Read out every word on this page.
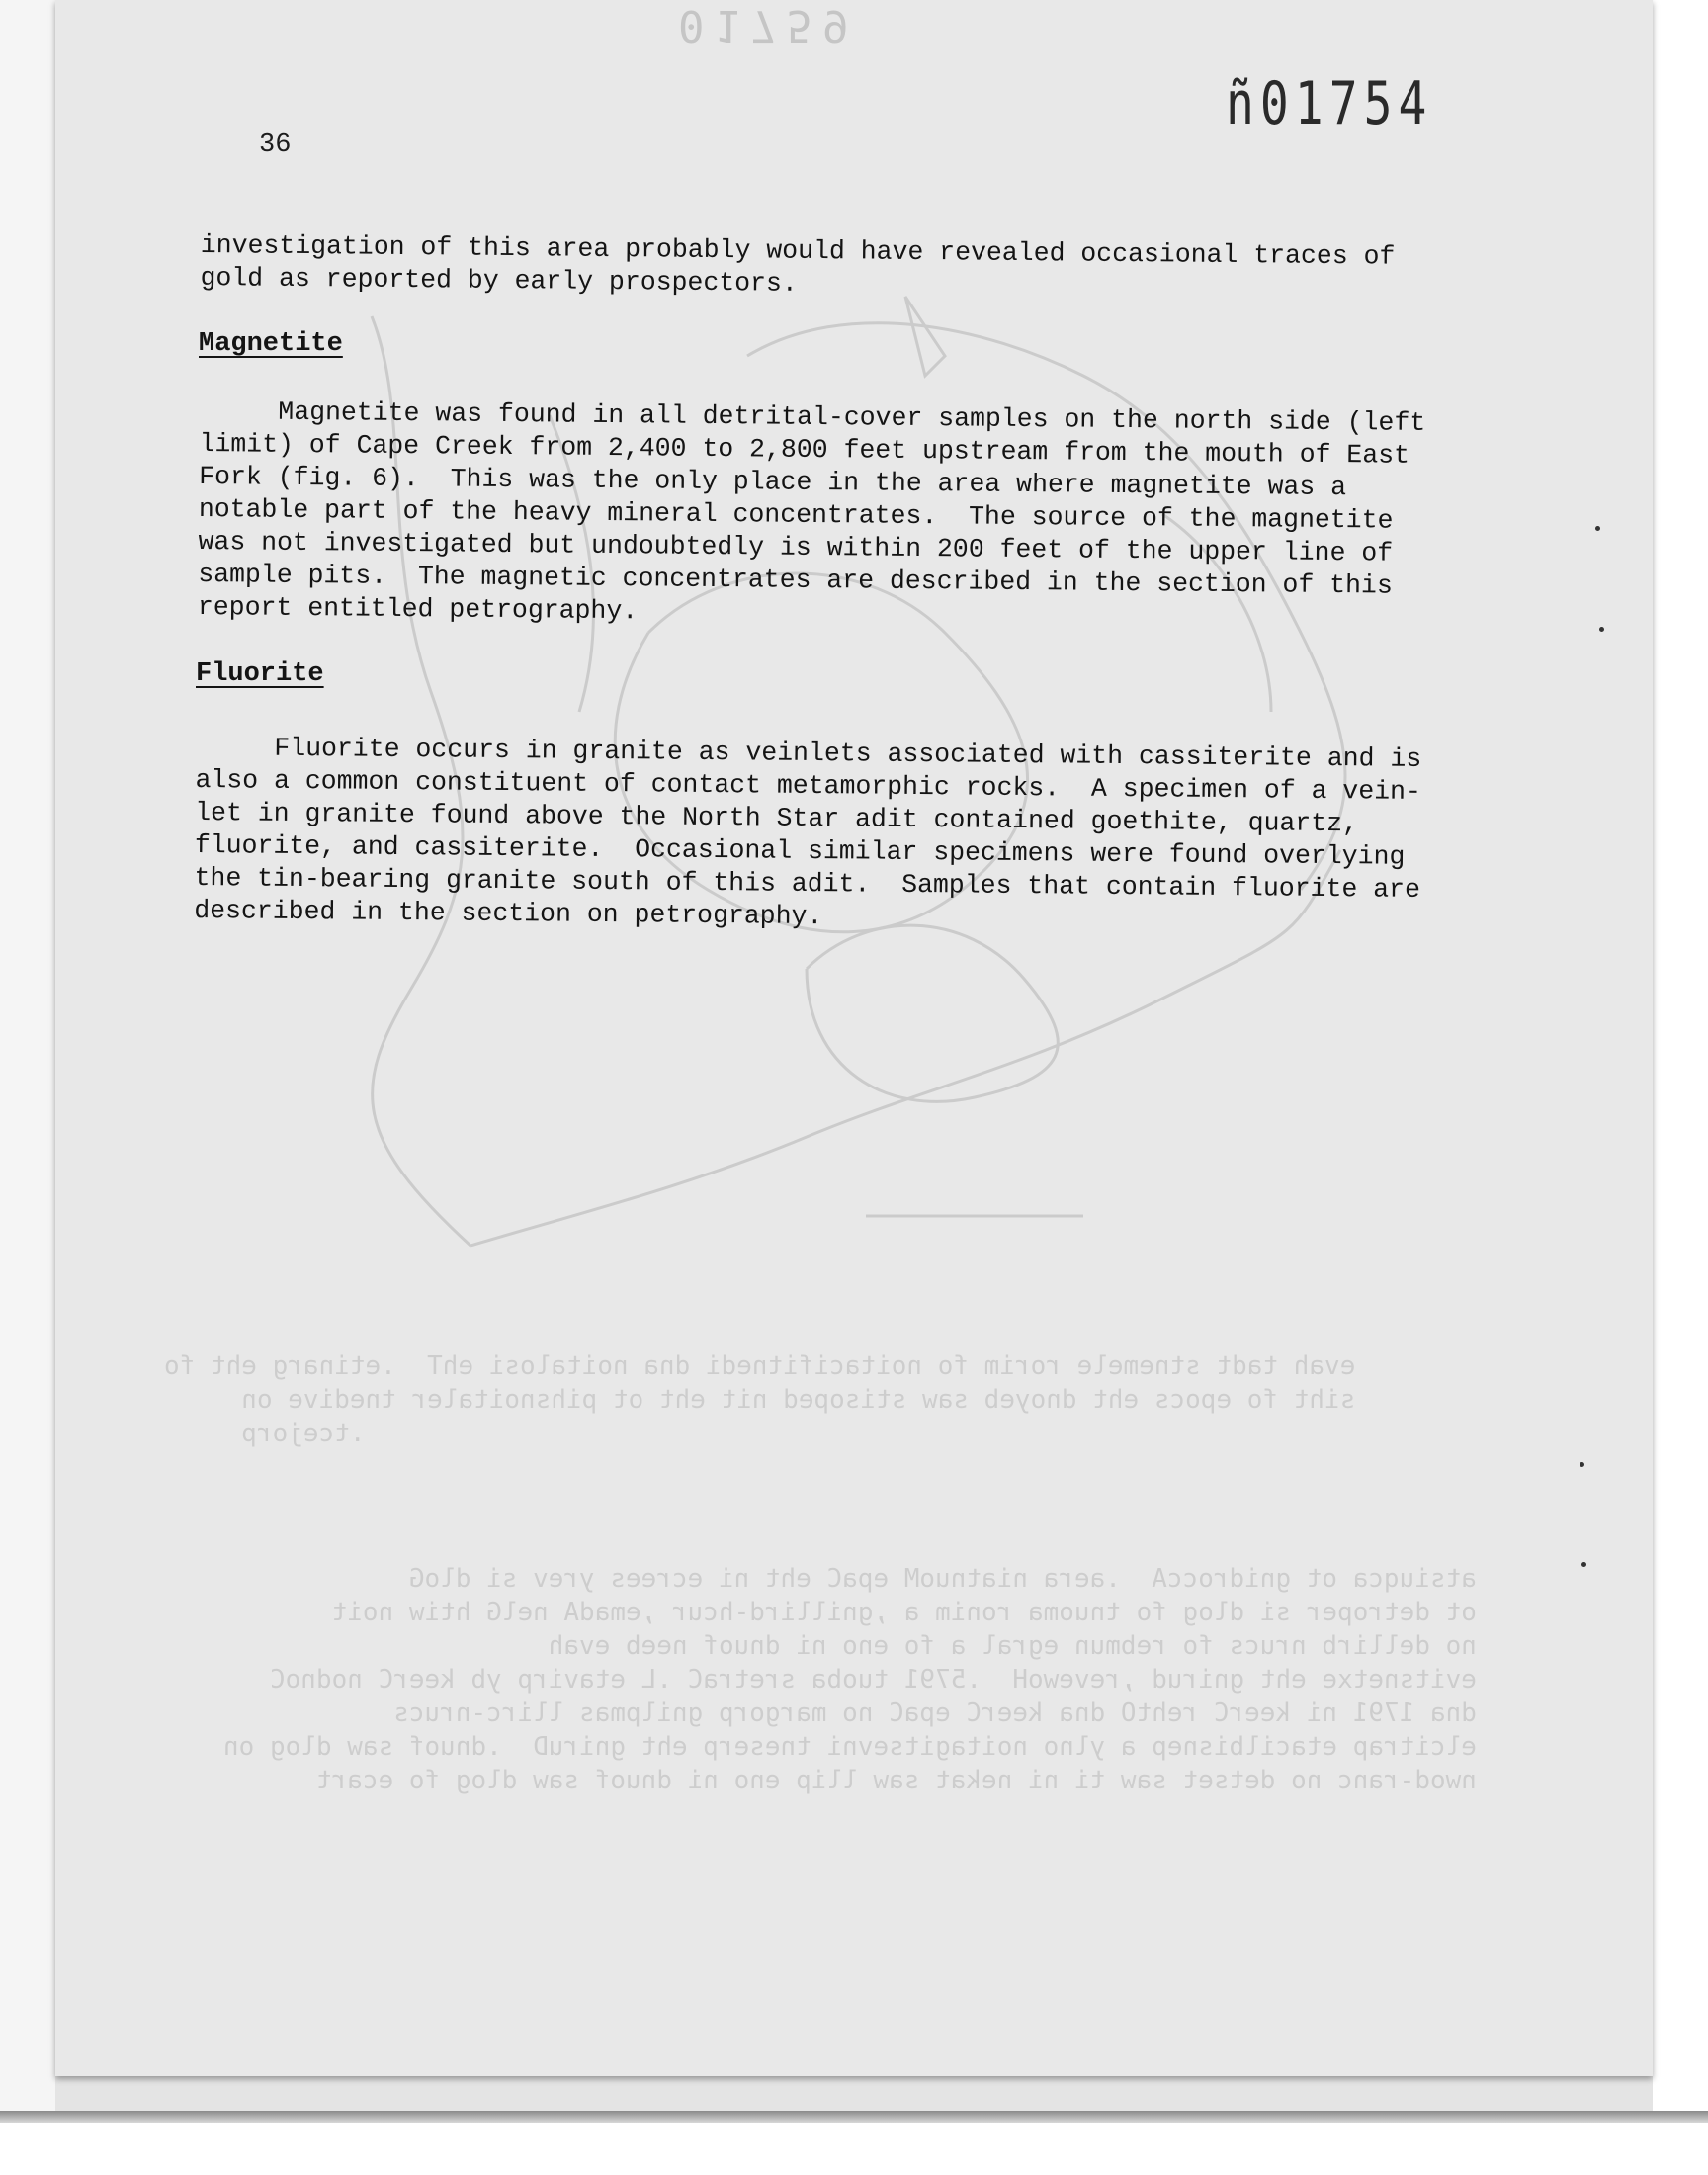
evah tadt stnemele rorim fo noitacifitnedi dna noitalosi ehT  .etinarg eht fo
siht fo epocs eht dnoyeb saw stisoped nit eht ot pihsnoitaler tnedive on
.tcejorp
atsiuqca ot gnidroccA  .aera niatnuoM epaC eht ni ecrees yrev si dloG
ot detroper si dlog fo tnuoma ronim a ,gnillird-hcur ,emadA nelG htiw noit
no dellirb nrucs fo rebmun egral a fo eno ni dnuof neeb evah
evitsnetxe eht gnirud ,revewoH  .5791 tuoba sretraC .L etavirp yb keerC nodnoC
dna 1791 ni keerC rehtO dna keerC epaC no margorp gnilpmas llirc-nrucs
elcitrap etacilbisnep a ylno noitagitsevni tneserp eht gniruD  .dnuof saw dlog on
nwod-ranc no detset saw ti ni nekat saw llip eno ni dnuof saw dlog fo ecart
01759
ñ01754
36
investigation of this area probably would have revealed occasional traces of
gold as reported by early prospectors.
Magnetite
Magnetite was found in all detrital-cover samples on the north side (left
limit) of Cape Creek from 2,400 to 2,800 feet upstream from the mouth of East
Fork (fig. 6).  This was the only place in the area where magnetite was a
notable part of the heavy mineral concentrates.  The source of the magnetite
was not investigated but undoubtedly is within 200 feet of the upper line of
sample pits.  The magnetic concentrates are described in the section of this
report entitled petrography.
Fluorite
Fluorite occurs in granite as veinlets associated with cassiterite and is
also a common constituent of contact metamorphic rocks.  A specimen of a vein-
let in granite found above the North Star adit contained goethite, quartz,
fluorite, and cassiterite.  Occasional similar specimens were found overlying
the tin-bearing granite south of this adit.  Samples that contain fluorite are
described in the section on petrography.
